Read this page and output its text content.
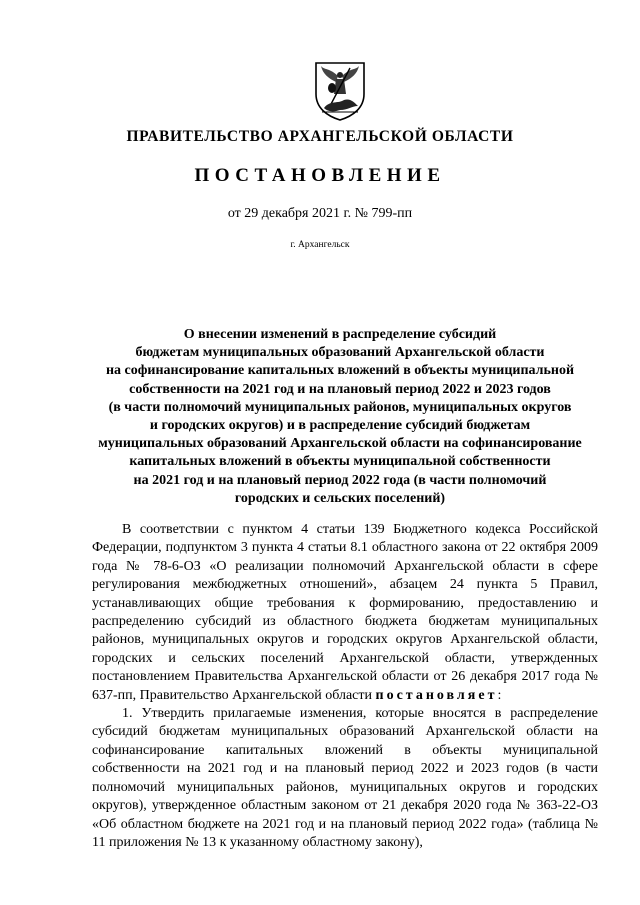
ПРАВИТЕЛЬСТВО АРХАНГЕЛЬСКОЙ ОБЛАСТИ
ПОСТАНОВЛЕНИЕ
от 29 декабря 2021 г. № 799-пп
г. Архангельск
О внесении изменений в распределение субсидий
бюджетам муниципальных образований Архангельской области
на софинансирование капитальных вложений в объекты муниципальной
собственности на 2021 год и на плановый период 2022 и 2023 годов
(в части полномочий муниципальных районов, муниципальных округов
и городских округов) и в распределение субсидий бюджетам
муниципальных образований Архангельской области на софинансирование
капитальных вложений в объекты муниципальной собственности
на 2021 год и на плановый период 2022 года (в части полномочий
городских и сельских поселений)

В соответствии с пунктом 4 статьи 139 Бюджетного кодекса Российской Федерации, подпунктом 3 пункта 4 статьи 8.1 областного закона от 22 октября 2009 года № 78-6-ОЗ «О реализации полномочий Архангельской области в сфере регулирования межбюджетных отношений», абзацем 24 пункта 5 Правил, устанавливающих общие требования к формированию, предоставлению и распределению субсидий из областного бюджета бюджетам муниципальных районов, муниципальных округов и городских округов Архангельской области, городских и сельских поселений Архангельской области, утвержденных постановлением Правительства Архангельской области от 26 декабря 2017 года № 637-пп, Правительство Архангельской области постановляет:

1. Утвердить прилагаемые изменения, которые вносятся в распределение субсидий бюджетам муниципальных образований Архангельской области на софинансирование капитальных вложений в объекты муниципальной собственности на 2021 год и на плановый период 2022 и 2023 годов (в части полномочий муниципальных районов, муниципальных округов и городских округов), утвержденное областным законом от 21 декабря 2020 года № 363-22-ОЗ «Об областном бюджете на 2021 год и на плановый период 2022 года» (таблица № 11 приложения № 13 к указанному областному закону),
